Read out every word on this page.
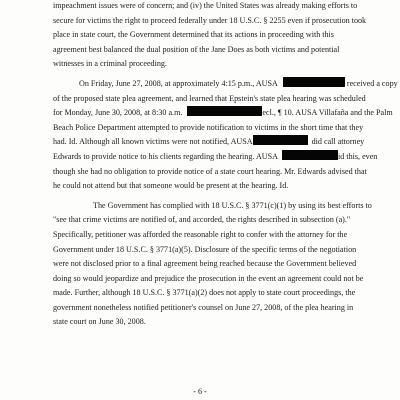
impeachment issues were of concern; and (iv) the United States was already making efforts to
secure for victims the right to proceed federally under 18 U.S.C. § 2255 even if prosecution took
place in state court, the Government determined that its actions in proceeding with this
agreement best balanced the dual position of the Jane Does as both victims and potential
witnesses in a criminal proceeding.
On Friday, June 27, 2008, at approximately 4:15 p.m., AUSA	received a copy
of the proposed state plea agreement, and learned that Epstein's state plea hearing was scheduled
for Monday, June 30, 2008, at 8:30 a.m.	ecl., ¶ 10. AUSA Villafaña and the Palm
Beach Police Department attempted to provide notification to victims in the short time that they
had. Id. Although all known victims were not notified, AUSA	did call attorney
Edwards to provide notice to his clients regarding the hearing. AUSA	id this, even
though she had no obligation to provide notice of a state court hearing. Mr. Edwards advised that
he could not attend but that someone would be present at the hearing. Id.
The Government has complied with 18 U.S.C. § 3771(c)(1) by using its best efforts to
"see that crime victims are notified of, and accorded, the rights described in subsection (a)."
Specifically, petitioner was afforded the reasonable right to confer with the attorney for the
Government under 18 U.S.C. § 3771(a)(5). Disclosure of the specific terms of the negotiation
were not disclosed prior to a final agreement being reached because the Government believed
doing so would jeopardize and prejudice the prosecution in the event an agreement could not be
made. Further, although 18 U.S.C. § 3771(a)(2) does not apply to state court proceedings, the
government nonetheless notified petitioner's counsel on June 27, 2008, of the plea hearing in
state court on June 30, 2008.
- 6 -
